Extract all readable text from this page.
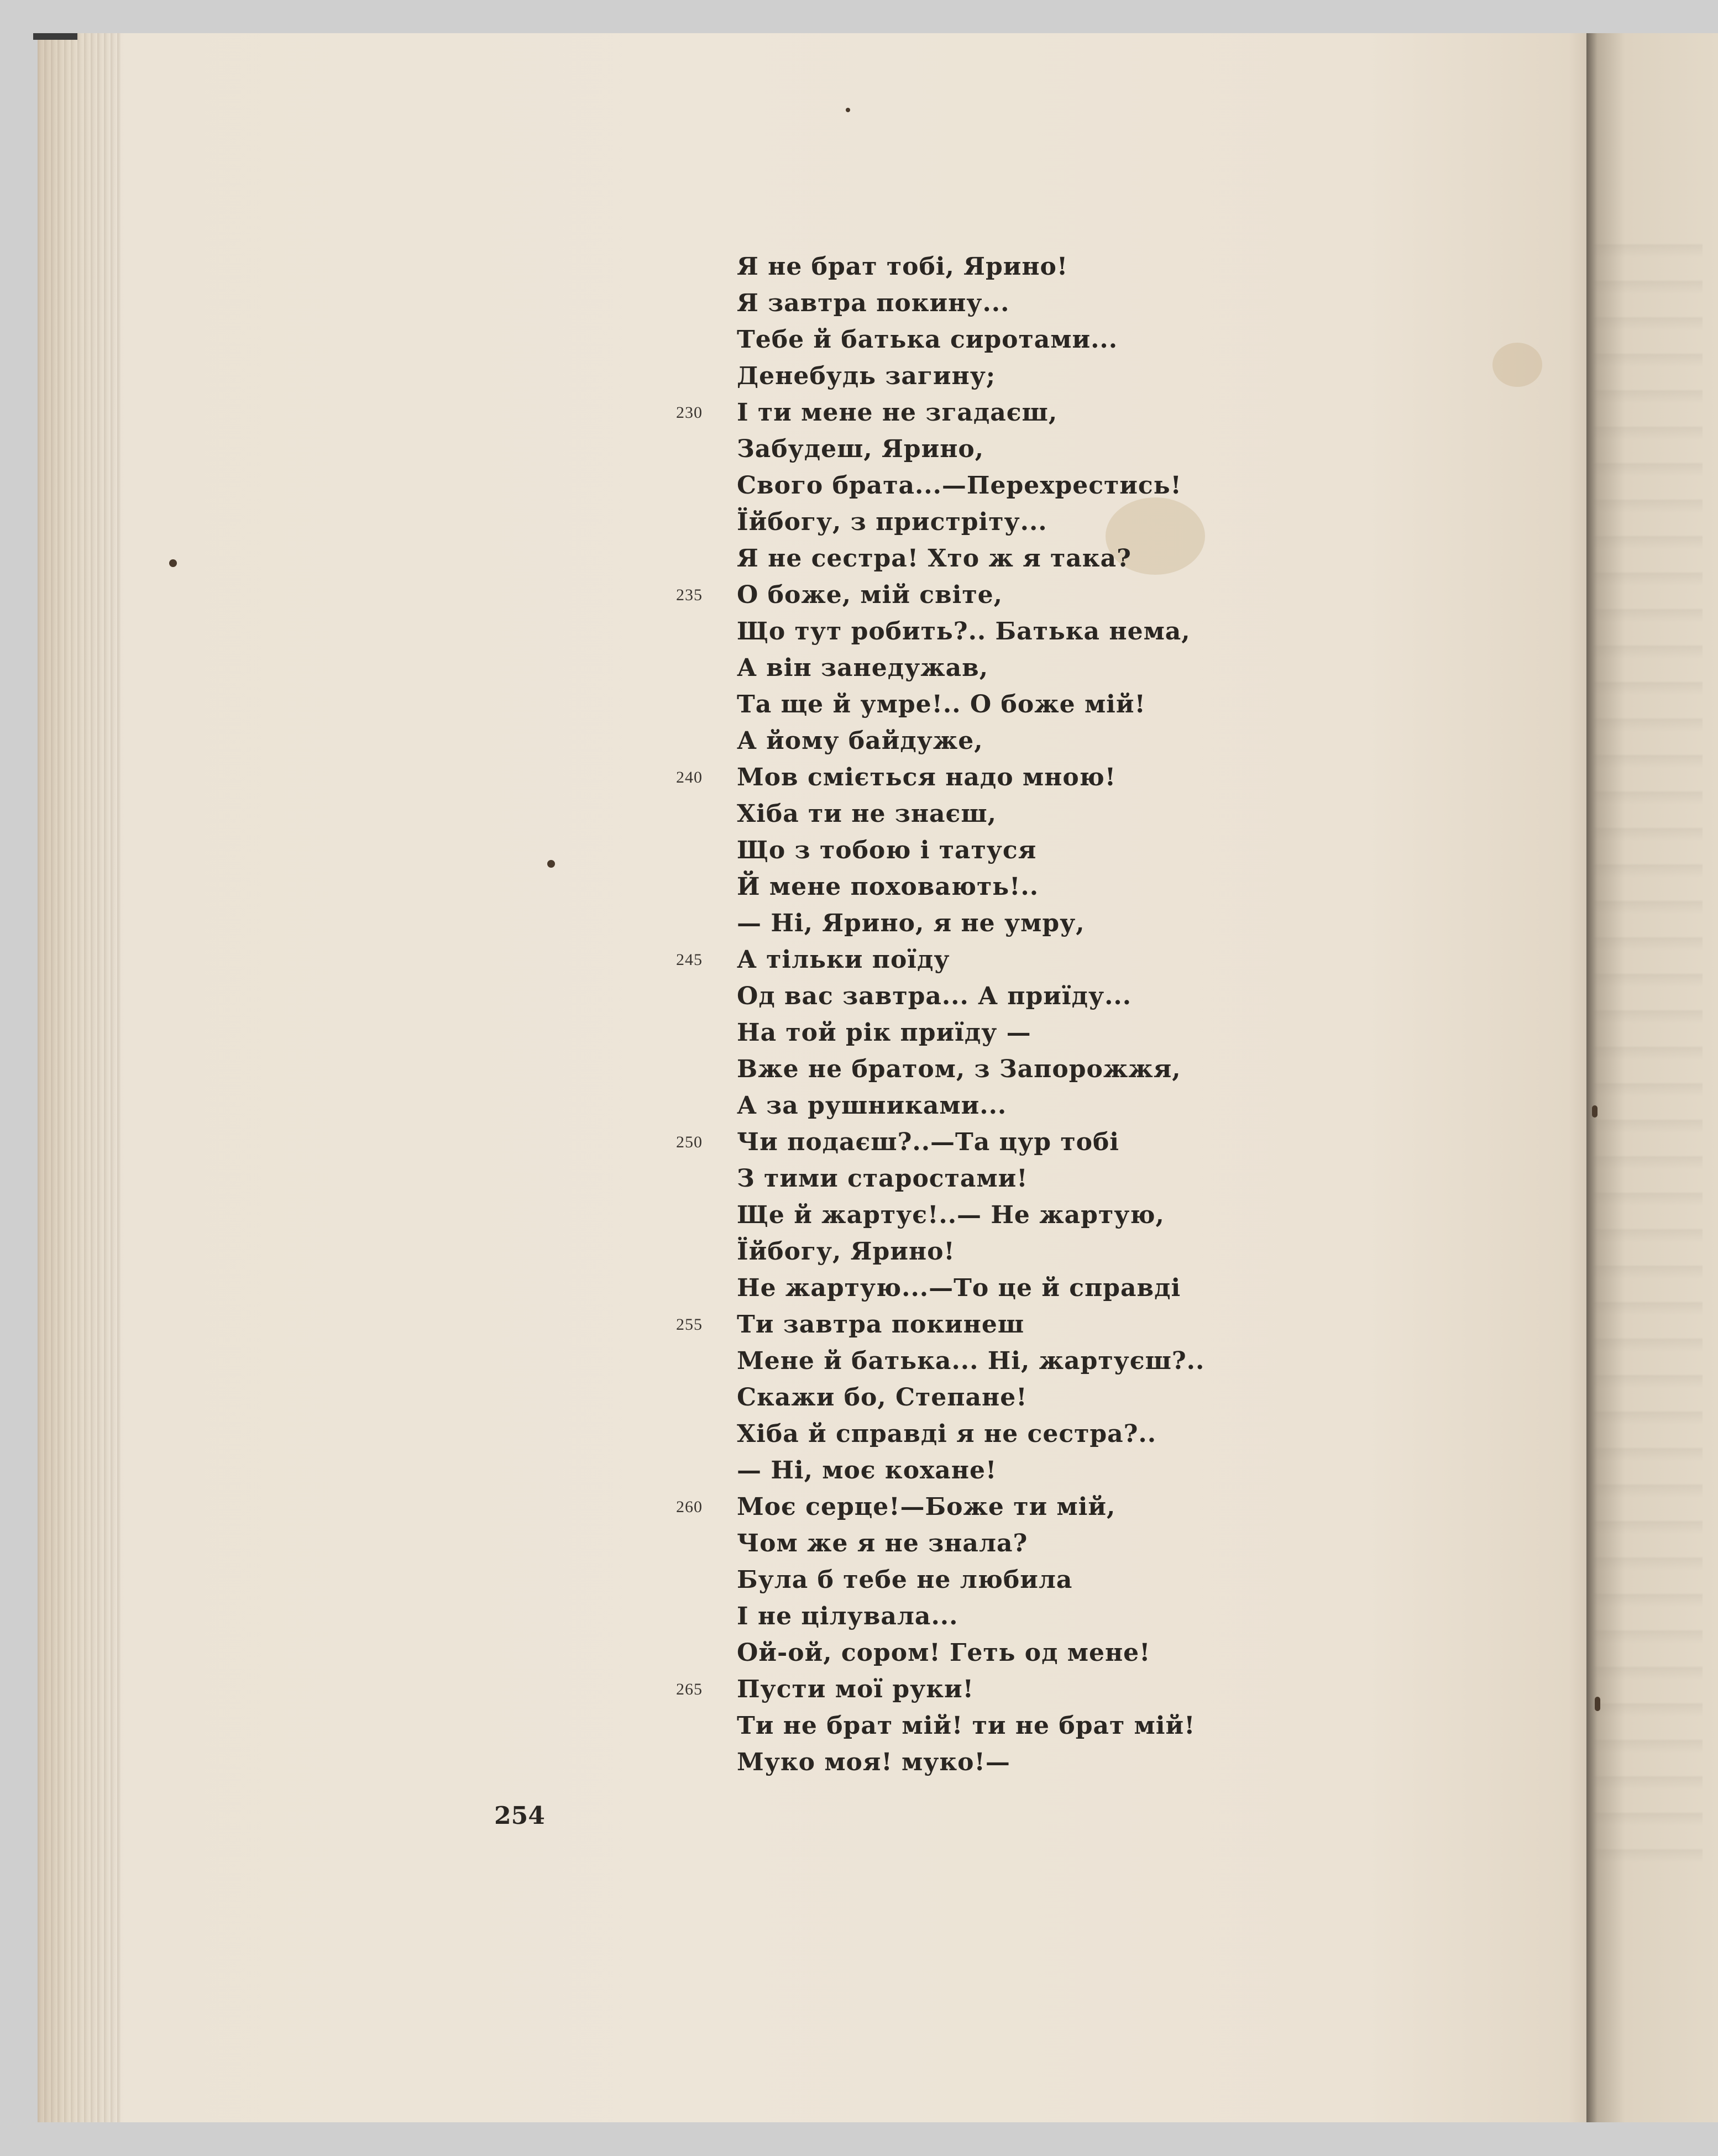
Я не брат тобі, Ярино!
Я завтра покину...
Тебе й батька сиротами...
Денебудь загину;
230	І ти мене не згадаєш,
Забудеш, Ярино,
Свого брата...—Перехрестись!
Їйбогу, з пристріту...
Я не сестра! Хто ж я така?
235	О боже, мій світе,
Що тут робить?.. Батька нема,
А він занедужав,
Та ще й умре!.. О боже мій!
А йому байдуже,
240	Мов сміється надо мною!
Хіба ти не знаєш,
Що з тобою і татуся
Й мене поховають!..
— Ні, Ярино, я не умру,
245	А тільки поїду
Од вас завтра... А приїду...
На той рік приїду —
Вже не братом, з Запорожжя,
А за рушниками...
250	Чи подаєш?..—Та цур тобі
З тими старостами!
Ще й жартує!..— Не жартую,
Їйбогу, Ярино!
Не жартую...—То це й справді
255	Ти завтра покинеш
Мене й батька... Ні, жартуєш?..
Скажи бо, Степане!
Хіба й справді я не сестра?..
— Ні, моє кохане!
260	Моє серце!—Боже ти мій,
Чом же я не знала?
Була б тебе не любила
І не цілувала...
Ой-ой, сором! Геть од мене!
265	Пусти мої руки!
Ти не брат мій! ти не брат мій!
Муко моя! муко!—
254
